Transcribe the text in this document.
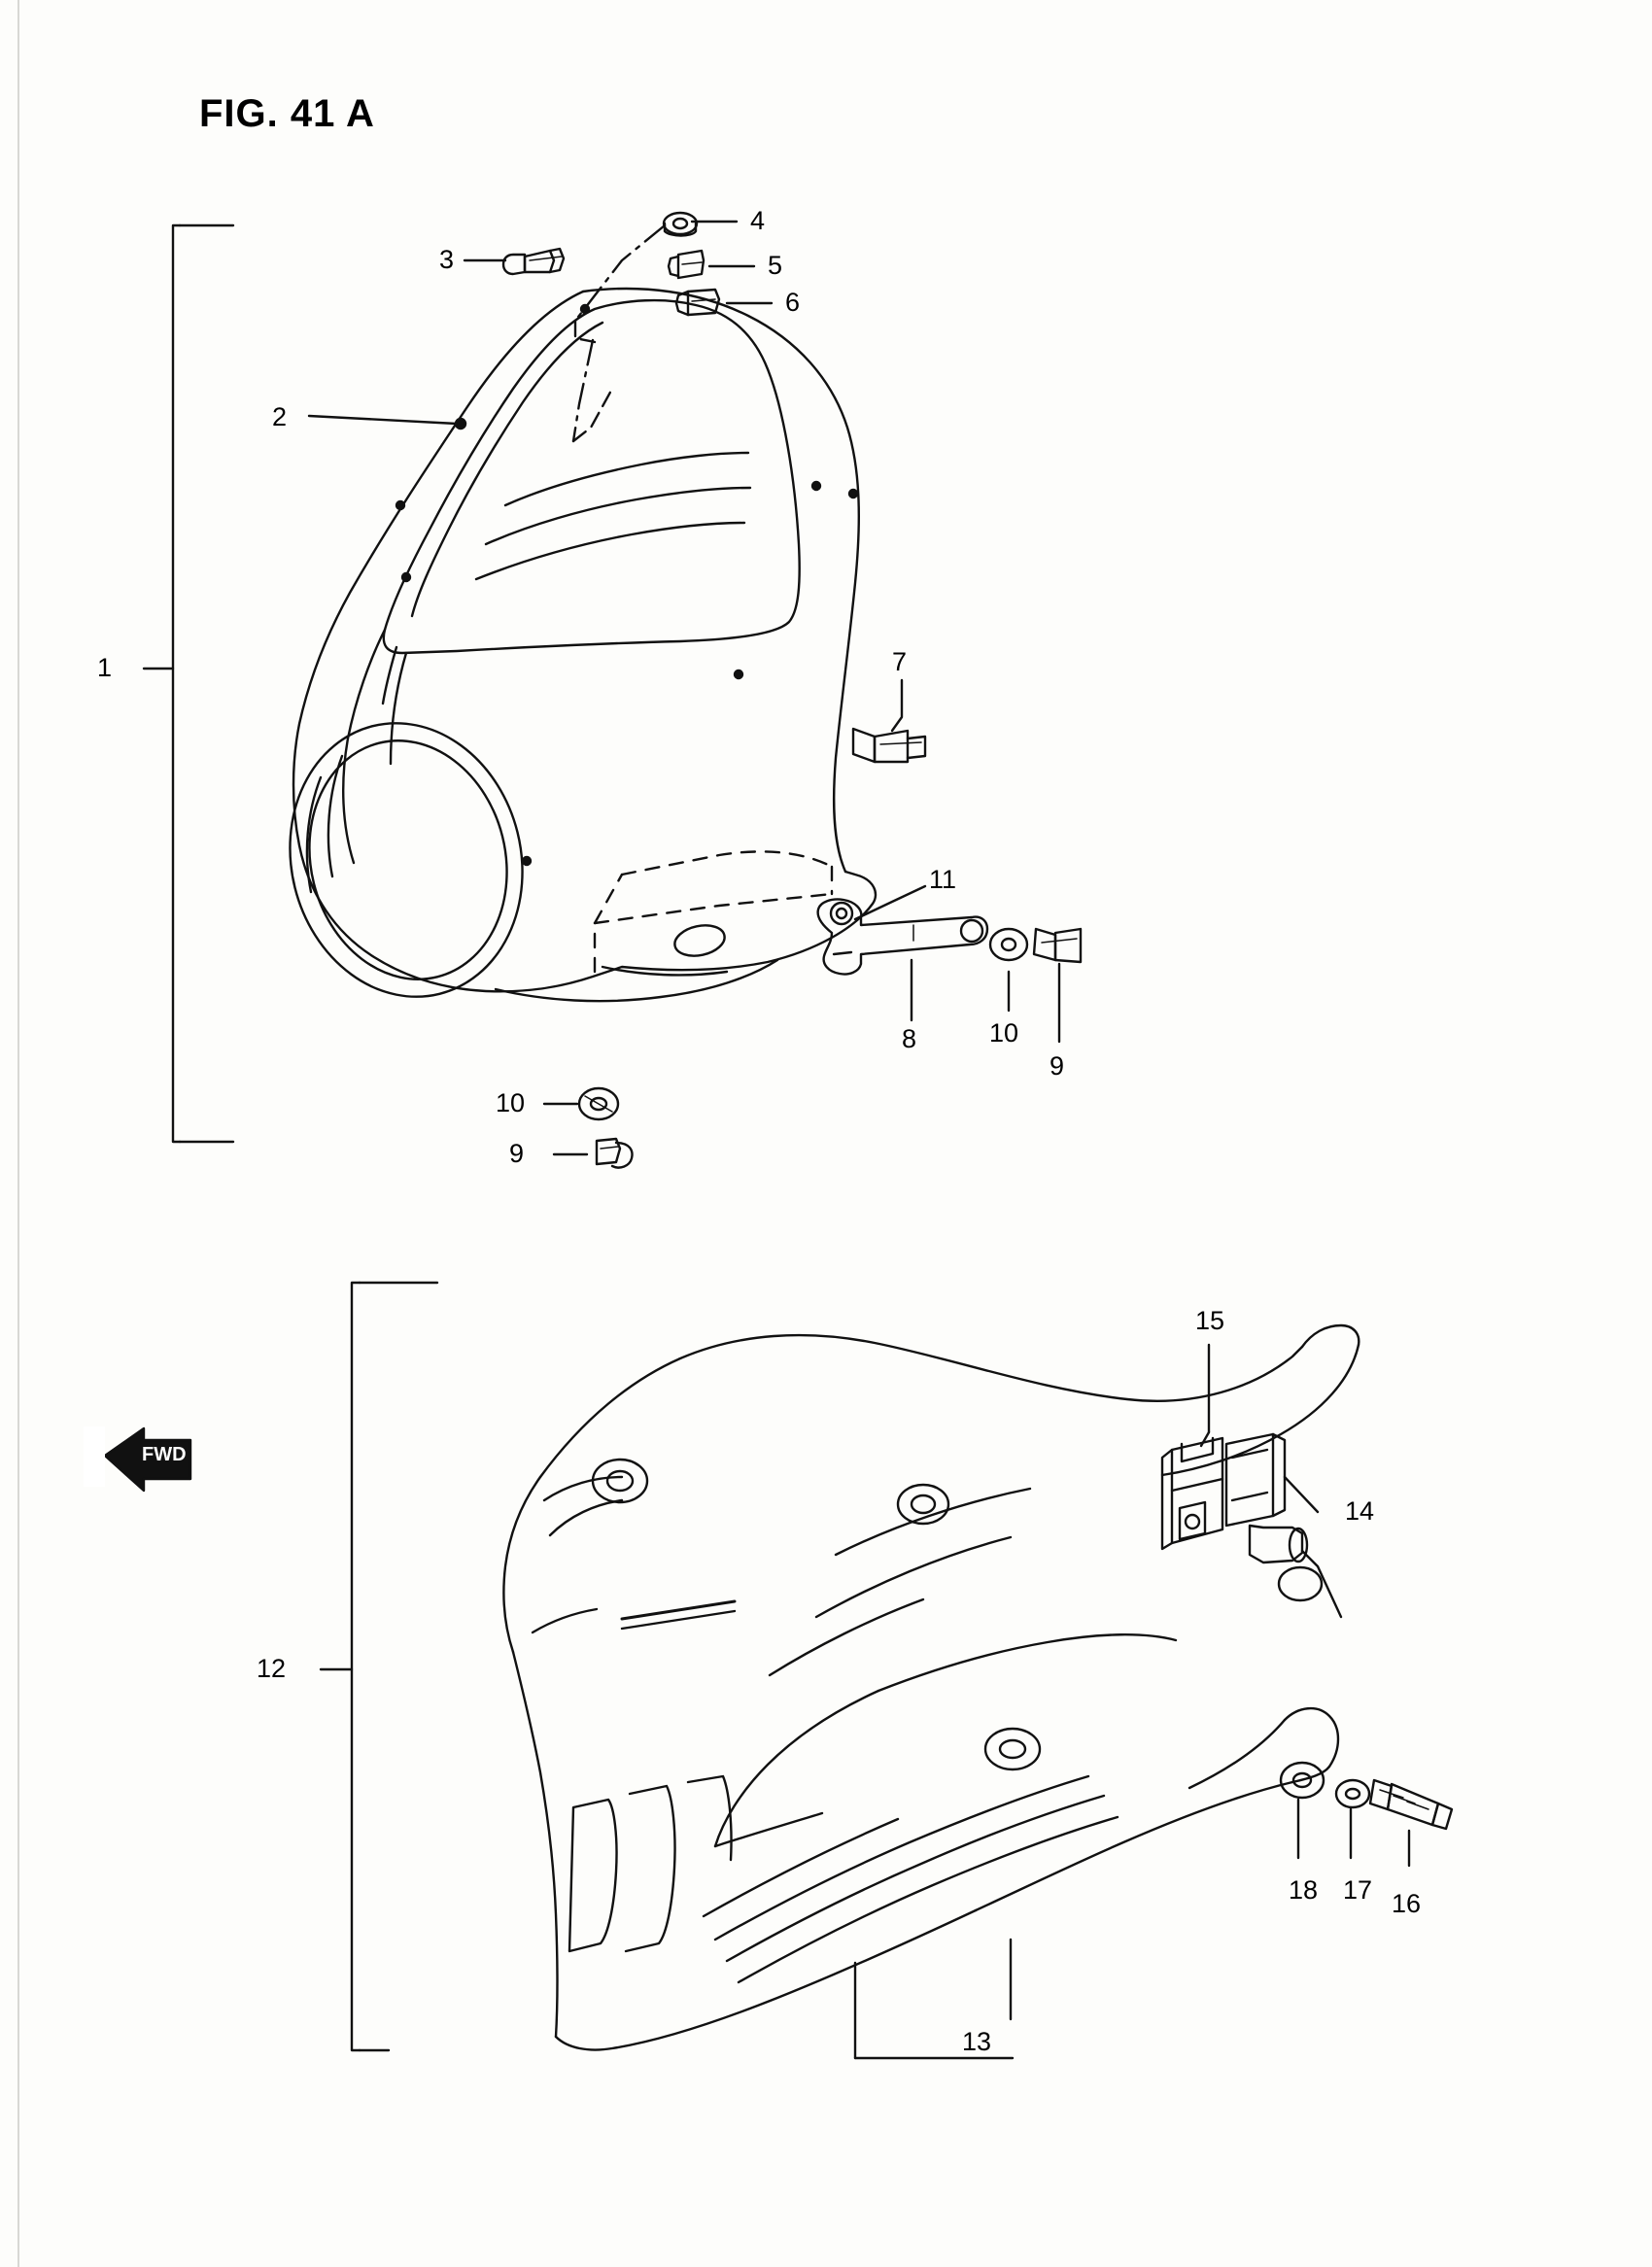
FIG. 41 A
FWD
1
2
3
4
5
6
7
8
9
10
11
10
9
12
13
14
15
16
17
18
